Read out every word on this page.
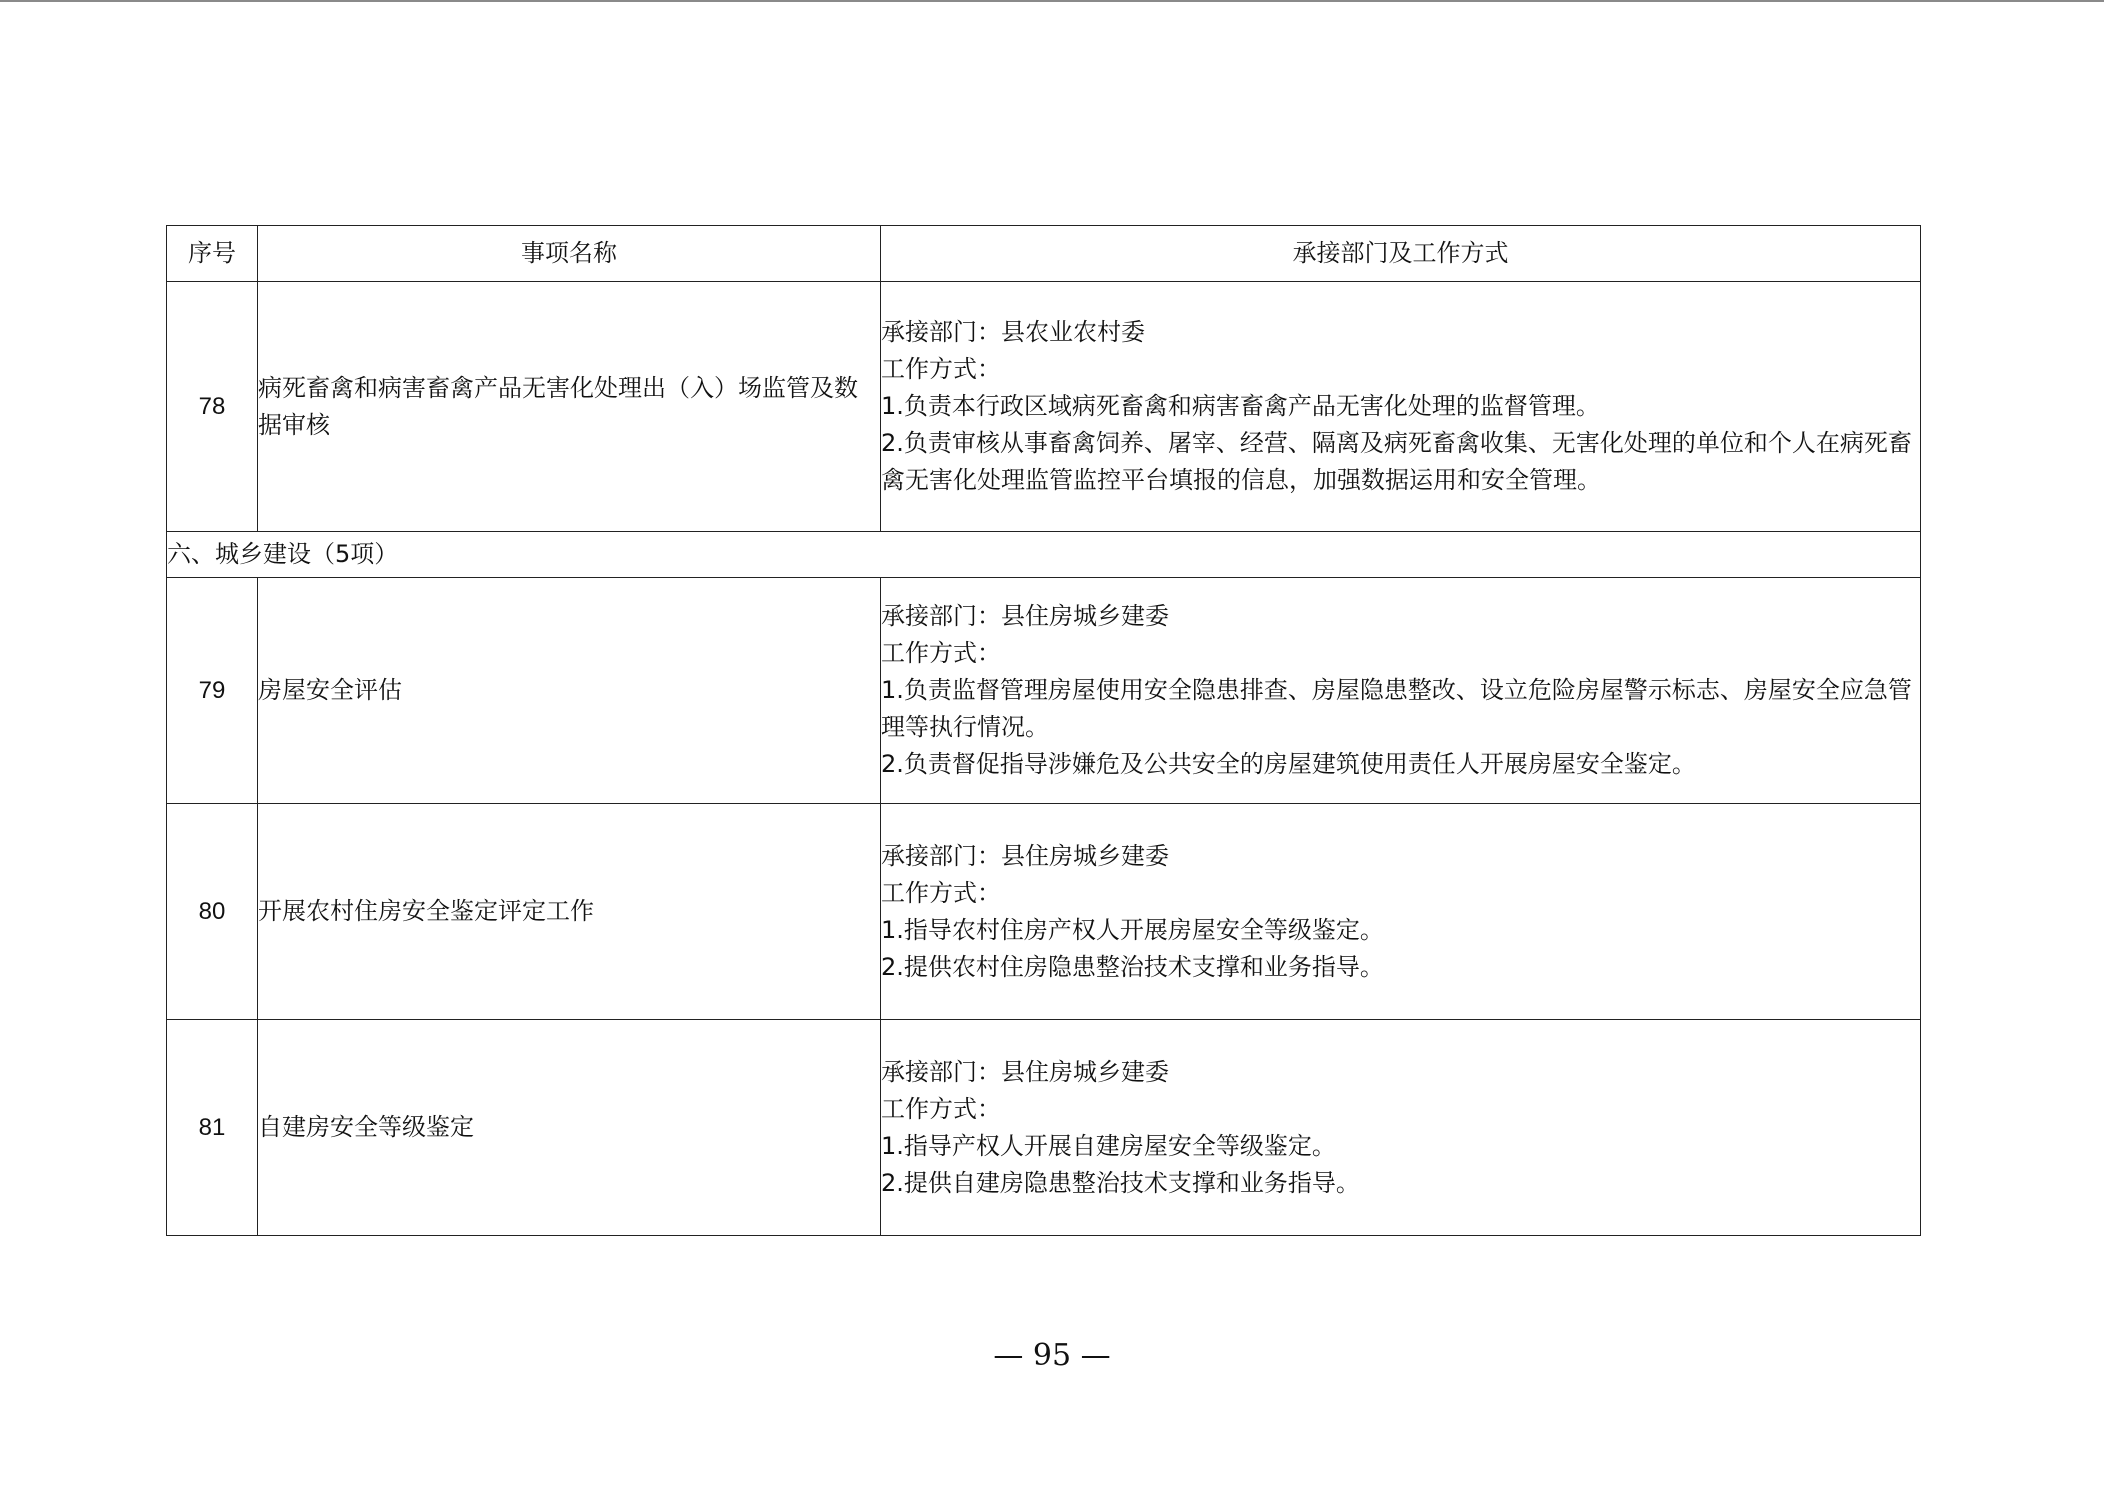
序号	事项名称	承接部门及工作方式
78	病死畜禽和病害畜禽产品无害化处理出（入）场监管及数据审核	承接部门：县农业农村委
工作方式：
1.负责本行政区域病死畜禽和病害畜禽产品无害化处理的监督管理。
2.负责审核从事畜禽饲养、屠宰、经营、隔离及病死畜禽收集、无害化处理的单位和个人在病死畜禽无害化处理监管监控平台填报的信息，加强数据运用和安全管理。

六、城乡建设（5项）		
79	房屋安全评估	承接部门：县住房城乡建委
工作方式：
1.负责监督管理房屋使用安全隐患排查、房屋隐患整改、设立危险房屋警示标志、房屋安全应急管理等执行情况。
2.负责督促指导涉嫌危及公共安全的房屋建筑使用责任人开展房屋安全鉴定。

80	开展农村住房安全鉴定评定工作	承接部门：县住房城乡建委
工作方式：
1.指导农村住房产权人开展房屋安全等级鉴定。
2.提供农村住房隐患整治技术支撑和业务指导。

81	自建房安全等级鉴定	承接部门：县住房城乡建委
工作方式：
1.指导产权人开展自建房屋安全等级鉴定。
2.提供自建房隐患整治技术支撑和业务指导。
— 95 —
